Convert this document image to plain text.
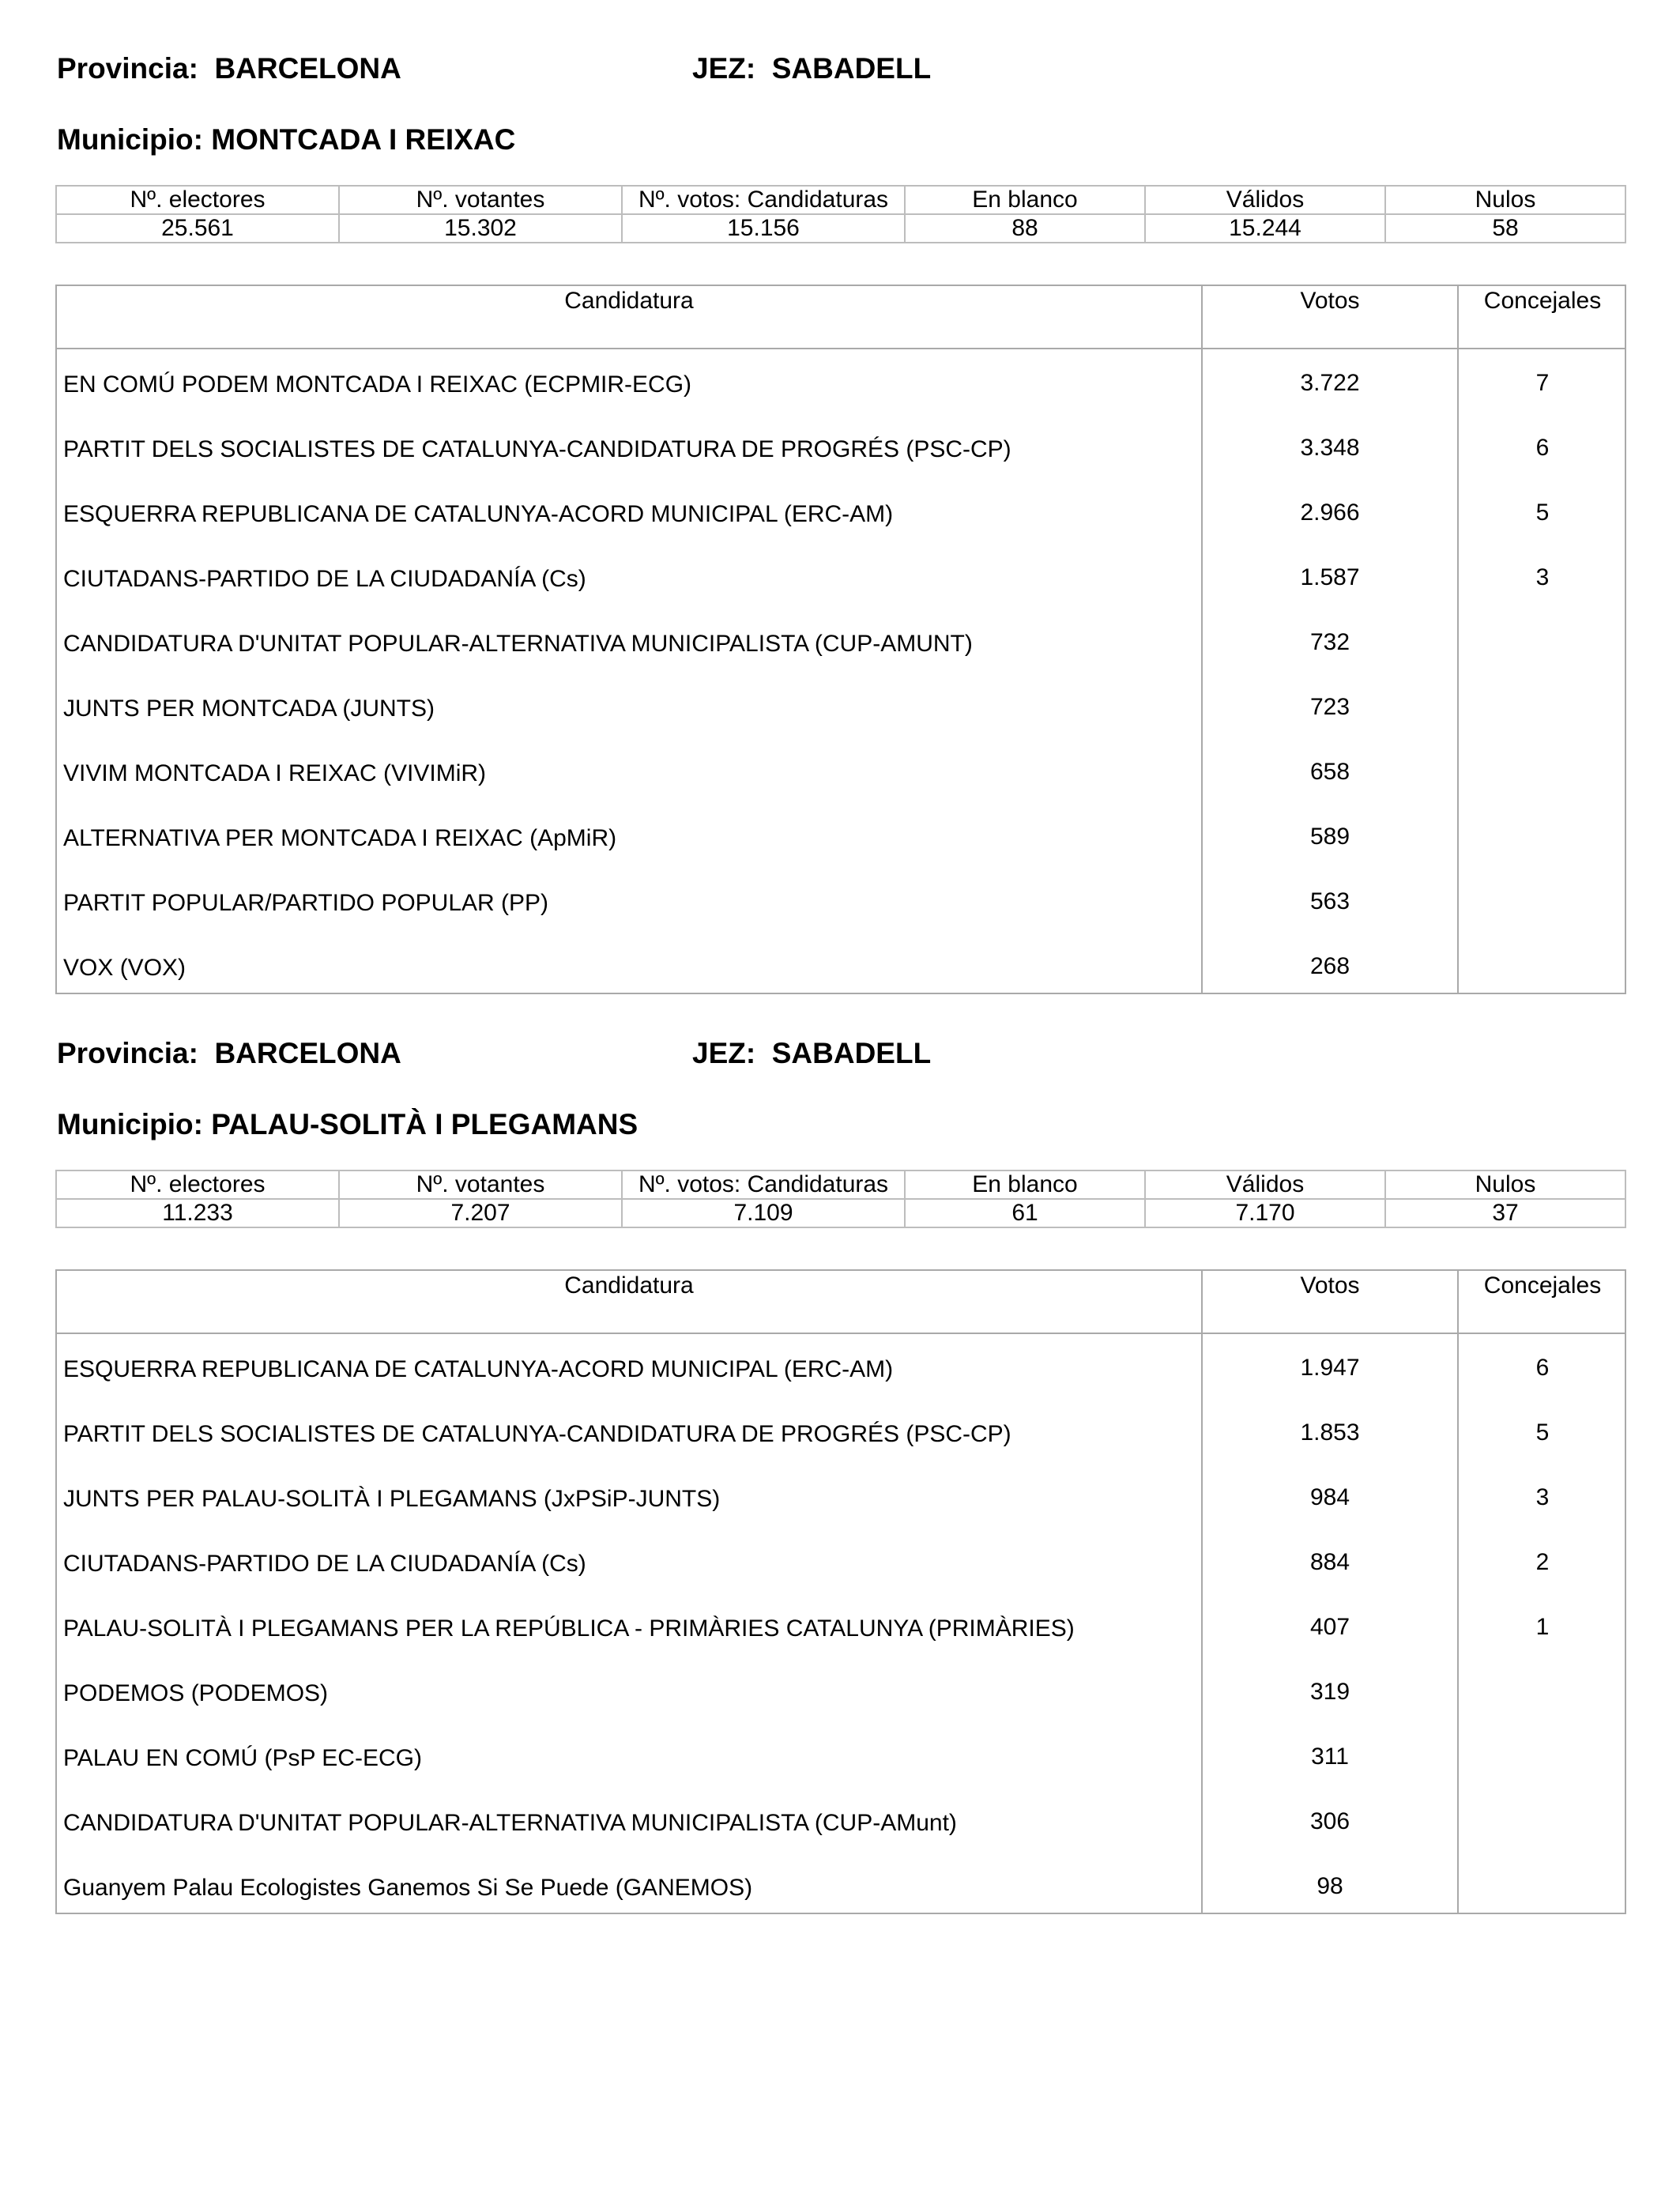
Provincia:  BARCELONA	JEZ:  SABADELL
Municipio: MONTCADA I REIXAC
Nº. electores	Nº. votantes	Nº. votos: Candidaturas	En blanco	Válidos	Nulos
25.561	15.302	15.156	88	15.244	58
Candidatura	Votos	Concejales
EN COMÚ PODEM MONTCADA I REIXAC (ECPMIR-ECG)	3.722	7
PARTIT DELS SOCIALISTES DE CATALUNYA-CANDIDATURA DE PROGRÉS (PSC-CP)	3.348	6
ESQUERRA REPUBLICANA DE CATALUNYA-ACORD MUNICIPAL (ERC-AM)	2.966	5
CIUTADANS-PARTIDO DE LA CIUDADANÍA (Cs)	1.587	3
CANDIDATURA D'UNITAT POPULAR-ALTERNATIVA MUNICIPALISTA (CUP-AMUNT)	732
JUNTS PER MONTCADA (JUNTS)	723
VIVIM MONTCADA I REIXAC (VIVIMiR)	658
ALTERNATIVA PER MONTCADA I REIXAC (ApMiR)	589
PARTIT POPULAR/PARTIDO POPULAR (PP)	563
VOX (VOX)	268
Provincia:  BARCELONA	JEZ:  SABADELL
Municipio: PALAU-SOLITÀ I PLEGAMANS
Nº. electores	Nº. votantes	Nº. votos: Candidaturas	En blanco	Válidos	Nulos
11.233	7.207	7.109	61	7.170	37
Candidatura	Votos	Concejales
ESQUERRA REPUBLICANA DE CATALUNYA-ACORD MUNICIPAL (ERC-AM)	1.947	6
PARTIT DELS SOCIALISTES DE CATALUNYA-CANDIDATURA DE PROGRÉS (PSC-CP)	1.853	5
JUNTS PER PALAU-SOLITÀ I PLEGAMANS (JxPSiP-JUNTS)	984	3
CIUTADANS-PARTIDO DE LA CIUDADANÍA (Cs)	884	2
PALAU-SOLITÀ I PLEGAMANS PER LA REPÚBLICA - PRIMÀRIES CATALUNYA (PRIMÀRIES)	407	1
PODEMOS (PODEMOS)	319
PALAU EN COMÚ (PsP EC-ECG)	311
CANDIDATURA D'UNITAT POPULAR-ALTERNATIVA MUNICIPALISTA (CUP-AMunt)	306
Guanyem Palau Ecologistes Ganemos Si Se Puede (GANEMOS)	98
